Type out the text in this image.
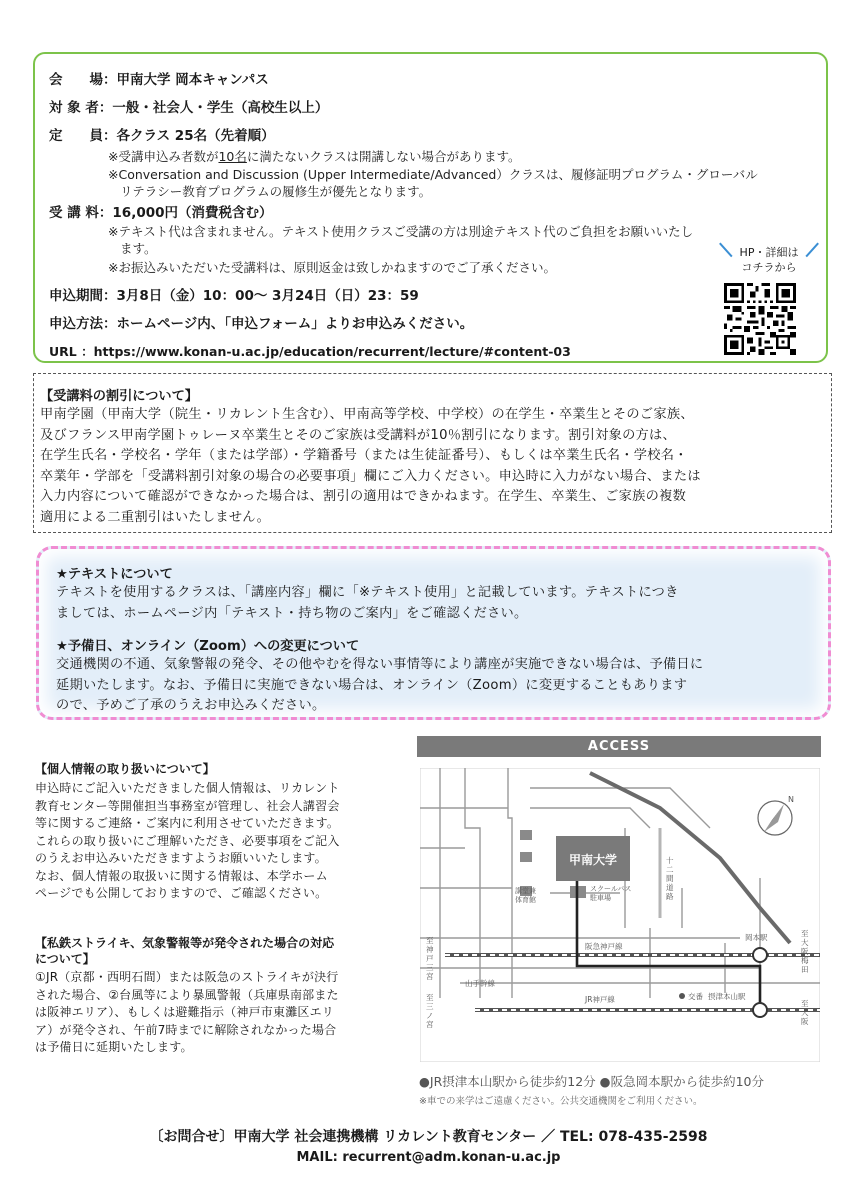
会　　場：甲南大学 岡本キャンパス
対 象 者：一般・社会人・学生（高校生以上）
定　　員：各クラス 25名（先着順）
※受講申込み者数が10名に満たないクラスは開講しない場合があります。
※Conversation and Discussion (Upper Intermediate/Advanced）クラスは、履修証明プログラム・グローバル
リテラシー教育プログラムの履修生が優先となります。
受 講 料：16,000円（消費税含む）
※テキスト代は含まれません。テキスト使用クラスご受講の方は別途テキスト代のご負担をお願いいたし
ます。
※お振込みいただいた受講料は、原則返金は致しかねますのでご了承ください。
申込期間：3月8日（金）10：00～ 3月24日（日）23：59
申込方法：ホームページ内、「申込フォーム」よりお申込みください。
URL ：https://www.konan-u.ac.jp/education/recurrent/lecture/#content-03
HP・詳細は
コチラから
【受講料の割引について】
甲南学園（甲南大学（院生・リカレント生含む）、甲南高等学校、中学校）の在学生・卒業生とそのご家族、
及びフランス甲南学園トゥレーヌ卒業生とそのご家族は受講料が10％割引になります。割引対象の方は、
在学生氏名・学校名・学年（または学部）・学籍番号（または生徒証番号）、もしくは卒業生氏名・学校名・
卒業年・学部を「受講料割引対象の場合の必要事項」欄にご入力ください。申込時に入力がない場合、または
入力内容について確認ができなかった場合は、割引の適用はできかねます。在学生、卒業生、ご家族の複数
適用による二重割引はいたしません。
★テキストについて
テキストを使用するクラスは、「講座内容」欄に「※テキスト使用」と記載しています。テキストにつき
ましては、ホームページ内「テキスト・持ち物のご案内」をご確認ください。
★予備日、オンライン（Zoom）への変更について
交通機関の不通、気象警報の発令、その他やむを得ない事情等により講座が実施できない場合は、予備日に
延期いたします。なお、予備日に実施できない場合は、オンライン（Zoom）に変更することもあります
ので、予めご了承のうえお申込みください。
【個人情報の取り扱いについて】
申込時にご記入いただきました個人情報は、リカレント
教育センター等開催担当事務室が管理し、社会人講習会
等に関するご連絡・ご案内に利用させていただきます。
これらの取り扱いにご理解いただき、必要事項をご記入
のうえお申込みいただきますようお願いいたします。
なお、個人情報の取扱いに関する情報は、本学ホーム
ページでも公開しておりますので、ご確認ください。
【私鉄ストライキ、気象警報等が発令された場合の対応
について】
①JR（京都・西明石間）または阪急のストライキが決行
された場合、②台風等により暴風警報（兵庫県南部また
は阪神エリア）、もしくは避難指示（神戸市東灘区エリ
ア）が発令され、午前7時までに解除されなかった場合
は予備日に延期いたします。
ACCESS
甲南大学
講堂兼体育館
スクールバス駐車場
十二間道路
阪急神戸線
岡本駅
山手幹線
JR神戸線	交番 摂津本山駅
至神戸三宮
至三ノ宮
至大阪梅田
至大阪
N
●JR摂津本山駅から徒歩約12分 ●阪急岡本駅から徒歩約10分
※車での来学はご遠慮ください。公共交通機関をご利用ください。
〔お問合せ〕甲南大学 社会連携機構 リカレント教育センター ／ TEL: 078-435-2598
MAIL: recurrent@adm.konan-u.ac.jp
